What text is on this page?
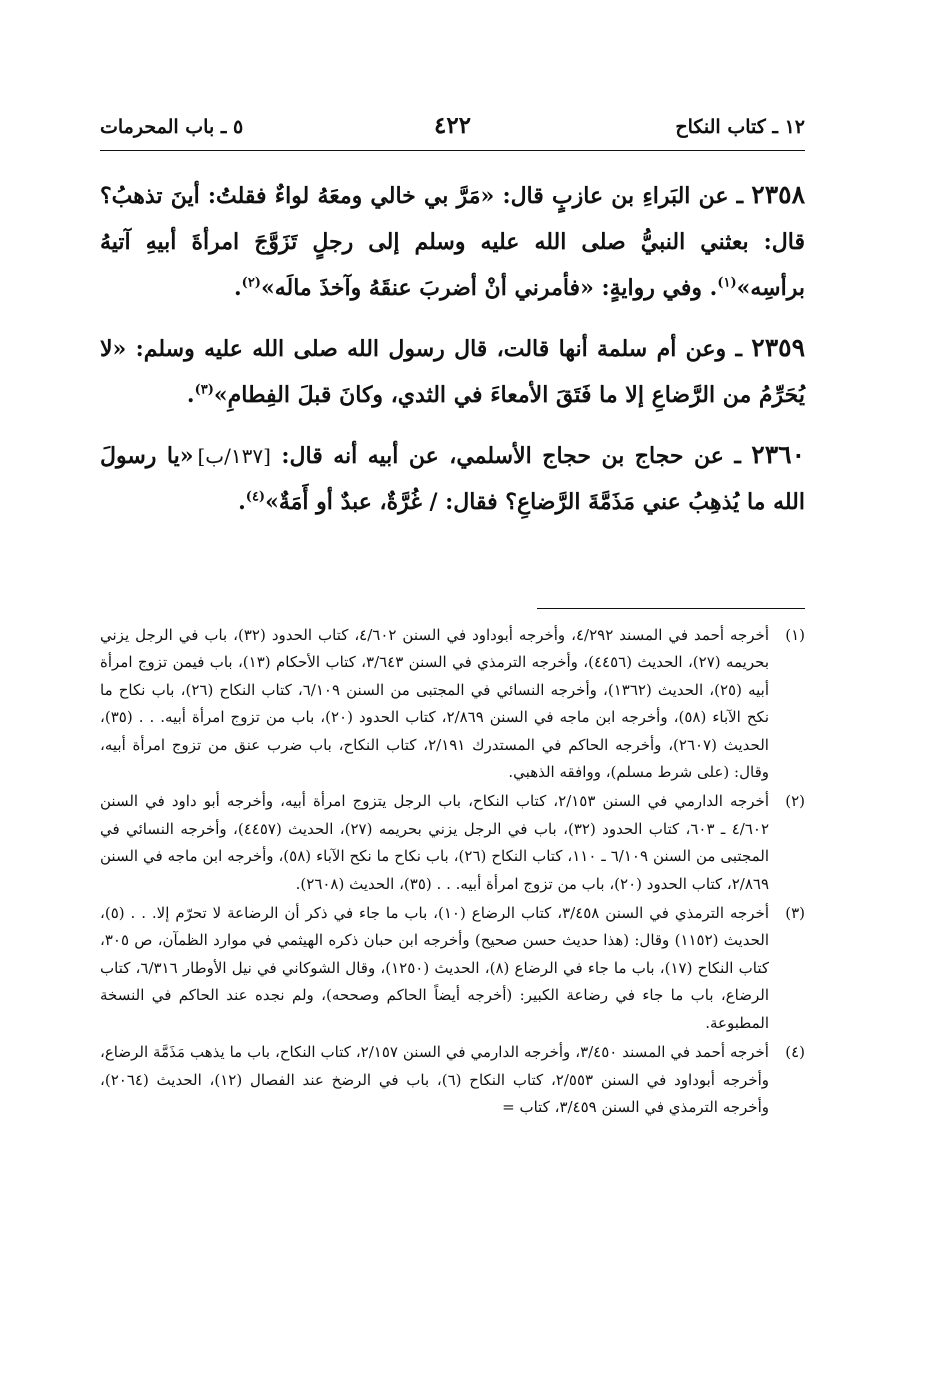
١٢ ـ كتاب النكاح
٤٢٢
٥ ـ باب المحرمات

٢٣٥٨ ـ عن البَراءِ بن عازبٍ قال: «مَرَّ بي خالي ومعَهُ لواءٌ فقلتُ: أينَ تذهبُ؟ قال: بعثني النبيُّ صلى الله عليه وسلم إلى رجلٍ تَزَوَّجَ امرأةَ أبيهِ آتيهُ برأسِه»$^{(١)}$. وفي روايةٍ: «فأمرني أنْ أضربَ عنقَهُ وآخذَ مالَه»$^{(٢)}$.

٢٣٥٩ ـ وعن أم سلمة أنها قالت، قال رسول الله صلى الله عليه وسلم: «لا يُحَرِّمُ من الرَّضاعِ إلا ما فَتَقَ الأمعاءَ في الثدي، وكانَ قبلَ الفِطامِ»$^{(٣)}$.

٢٣٦٠ ـ عن حجاج بن حجاج الأسلمي، عن أبيه أنه قال: [١٣٧/ب]«يا رسولَ الله ما يُذهِبُ عني مَذَمَّةَ الرَّضاعِ؟ فقال: / غُرَّةٌ، عبدٌ أو أَمَةٌ»$^{(٤)}$.

(١)
أخرجه أحمد في المسند ٤/٢٩٢، وأخرجه أبوداود في السنن ٤/٦٠٢، كتاب الحدود (٣٢)، باب في الرجل يزني بحريمه (٢٧)، الحديث (٤٤٥٦)، وأخرجه الترمذي في السنن ٣/٦٤٣، كتاب الأحكام (١٣)، باب فيمن تزوج امرأة أبيه (٢٥)، الحديث (١٣٦٢)، وأخرجه النسائي في المجتبى من السنن ٦/١٠٩، كتاب النكاح (٢٦)، باب نكاح ما نكح الآباء (٥٨)، وأخرجه ابن ماجه في السنن ٢/٨٦٩، كتاب الحدود (٢٠)، باب من تزوج امرأة أبيه. . . (٣٥)، الحديث (٢٦٠٧)، وأخرجه الحاكم في المستدرك ٢/١٩١، كتاب النكاح، باب ضرب عنق من تزوج امرأة أبيه، وقال: (على شرط مسلم)، ووافقه الذهبي.
(٢)
أخرجه الدارمي في السنن ٢/١٥٣، كتاب النكاح، باب الرجل يتزوج امرأة أبيه، وأخرجه أبو داود في السنن ٤/٦٠٢ ـ ٦٠٣، كتاب الحدود (٣٢)، باب في الرجل يزني بحريمه (٢٧)، الحديث (٤٤٥٧)، وأخرجه النسائي في المجتبى من السنن ٦/١٠٩ ـ ١١٠، كتاب النكاح (٢٦)، باب نكاح ما نكح الآباء (٥٨)، وأخرجه ابن ماجه في السنن ٢/٨٦٩، كتاب الحدود (٢٠)، باب من تزوج امرأة أبيه. . . (٣٥)، الحديث (٢٦٠٨).
(٣)
أخرجه الترمذي في السنن ٣/٤٥٨، كتاب الرضاع (١٠)، باب ما جاء في ذكر أن الرضاعة لا تحرّم إلا. . . (٥)، الحديث (١١٥٢) وقال: (هذا حديث حسن صحيح) وأخرجه ابن حبان ذكره الهيثمي في موارد الظمآن، ص ٣٠٥، كتاب النكاح (١٧)، باب ما جاء في الرضاع (٨)، الحديث (١٢٥٠)، وقال الشوكاني في نيل الأوطار ٦/٣١٦، كتاب الرضاع، باب ما جاء في رضاعة الكبير: (أخرجه أيضاً الحاكم وصححه)، ولم نجده عند الحاكم في النسخة المطبوعة.
(٤)
أخرجه أحمد في المسند ٣/٤٥٠، وأخرجه الدارمي في السنن ٢/١٥٧، كتاب النكاح، باب ما يذهب مَذَمَّة الرضاع، وأخرجه أبوداود في السنن ٢/٥٥٣، كتاب النكاح (٦)، باب في الرضخ عند الفصال (١٢)، الحديث (٢٠٦٤)، وأخرجه الترمذي في السنن ٣/٤٥٩، كتاب =
